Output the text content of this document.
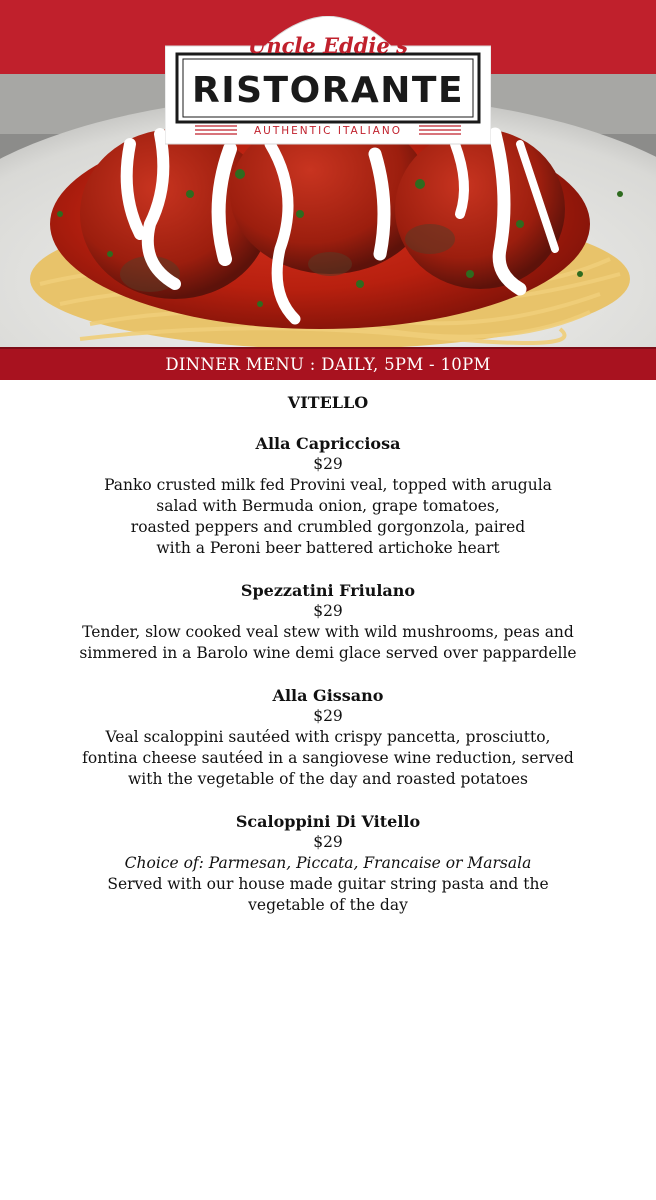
Uncle Eddie's
RISTORANTE
AUTHENTIC ITALIANO
DINNER MENU : DAILY, 5PM - 10PM
VITELLO
Alla Capricciosa
$29
Panko crusted milk fed Provini veal, topped with arugula
salad with Bermuda onion, grape tomatoes,
roasted peppers and crumbled gorgonzola, paired
with a Peroni beer battered artichoke heart
Spezzatini Friulano
$29
Tender, slow cooked veal stew with wild mushrooms, peas and
simmered in a Barolo wine demi glace served over pappardelle
Alla Gissano
$29
Veal scaloppini sautéed with crispy pancetta, prosciutto,
fontina cheese sautéed in a sangiovese wine reduction, served
with the vegetable of the day and roasted potatoes
Scaloppini Di Vitello
$29
Choice of: Parmesan, Piccata, Francaise or Marsala
Served with our house made guitar string pasta and the
vegetable of the day
